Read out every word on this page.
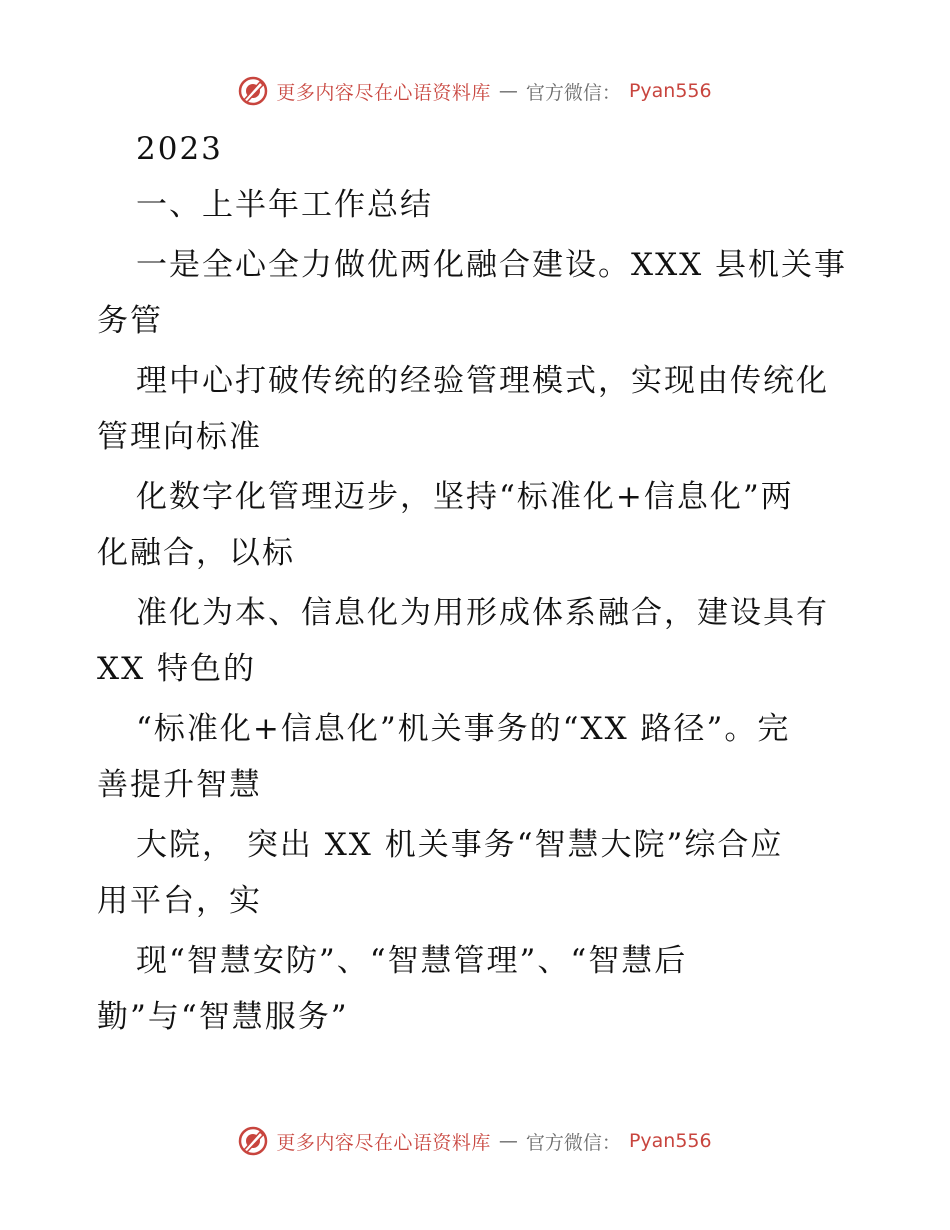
更多内容尽在心语资料库 — 官方微信： Pyan556
2023
一、上半年工作总结
一是全心全力做优两化融合建设。XXX 县机关事
务管
理中心打破传统的经验管理模式，实现由传统化
管理向标准
化数字化管理迈步，坚持“标准化+信息化”两
化融合，以标
准化为本、信息化为用形成体系融合，建设具有
XX 特色的
“标准化+信息化”机关事务的“XX 路径”。完
善提升智慧
大院， 突出 XX 机关事务“智慧大院”综合应
用平台，实
现“智慧安防”、“智慧管理”、“智慧后
勤”与“智慧服务”
更多内容尽在心语资料库 — 官方微信： Pyan556
